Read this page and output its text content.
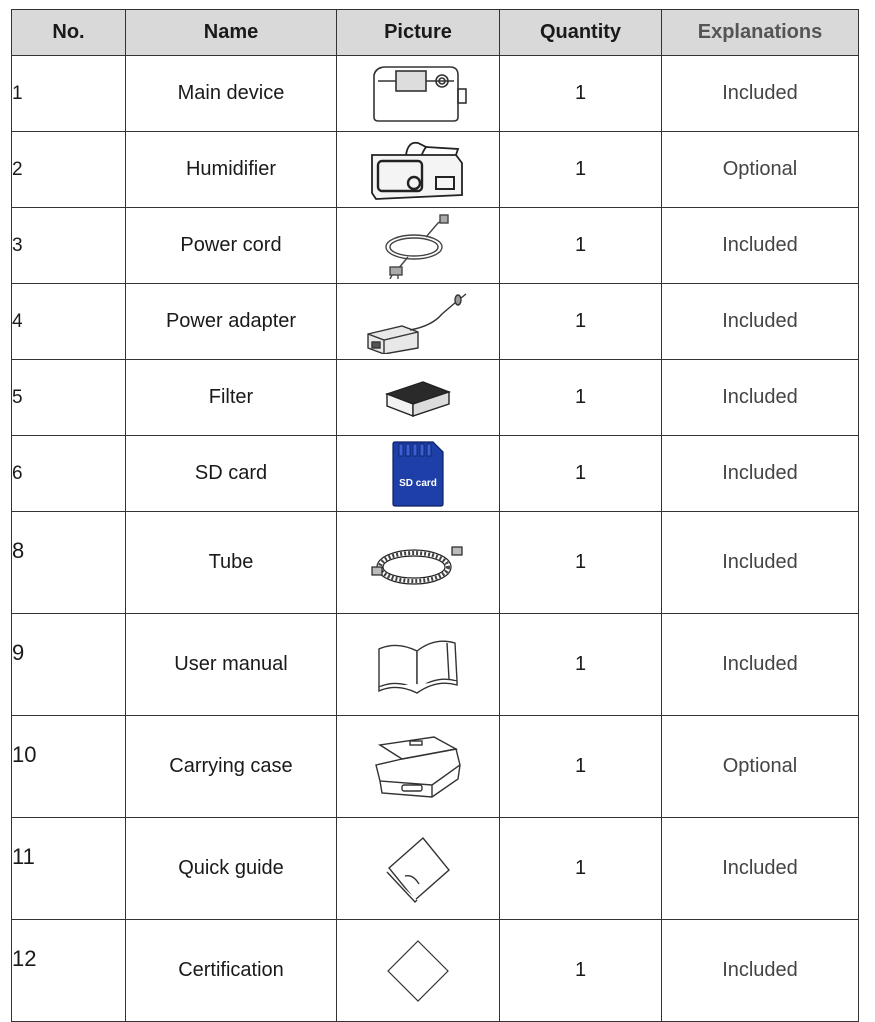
No.	Name	Picture	Quantity	Explanations
1	Main device		1	Included
2	Humidifier		1	Optional
3	Power cord		1	Included
4	Power adapter		1	Included
5	Filter		1	Included
6	SD card	SD card	1	Included
8	Tube		1	Included
9	User manual		1	Included
10	Carrying case		1	Optional
11	Quick guide		1	Included
12	Certification		1	Included
